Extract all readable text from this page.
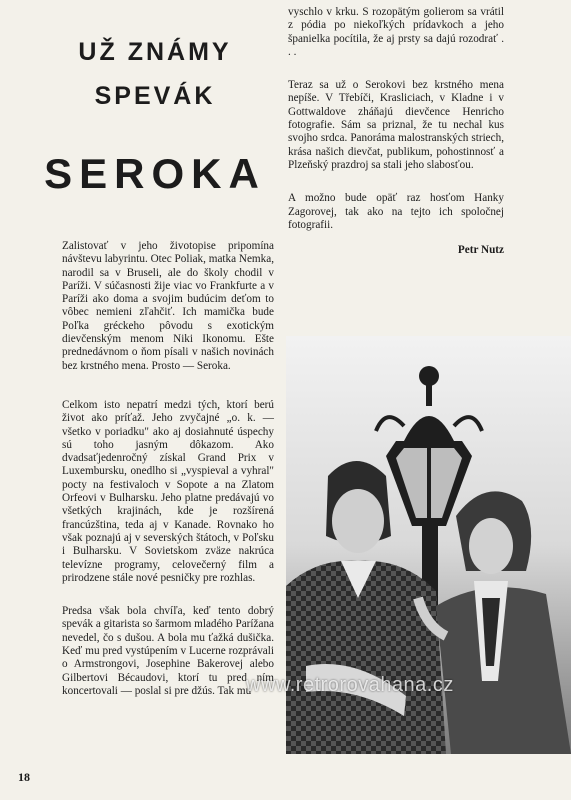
UŽ ZNÁMY
SPEVÁK
SEROKA

Zalistovať v jeho životopise pripomína návštevu labyrintu. Otec Poliak, matka Nemka, narodil sa v Bruseli, ale do školy chodil v Paríži. V súčasnosti žije viac vo Frankfurte a v Paríži ako doma a svojim budúcim deťom to vôbec nemieni zľahčiť. Ich mamička bude Poľka gréckeho pôvodu s exotickým dievčenským menom Niki Ikonomu. Ešte prednedávnom o ňom písali v našich novinách bez krstného mena. Prosto — Seroka.

Celkom isto nepatrí medzi tých, ktorí berú život ako príťaž. Jeho zvyčajné „o. k. — všetko v poriadku" ako aj dosiahnuté úspechy sú toho jasným dôkazom. Ako dvadsaťjedenročný získal Grand Prix v Luxembursku, onedlho si „vyspieval a vyhral" pocty na festivaloch v Sopote a na Zlatom Orfeovi v Bulharsku. Jeho platne predávajú vo všetkých krajinách, kde je rozšírená francúzština, teda aj v Kanade. Rovnako ho však poznajú aj v severských štátoch, v Poľsku i Bulharsku. V Sovietskom zväze nakrúca televízne programy, celovečerný film a prirodzene stále nové pesničky pre rozhlas.

Predsa však bola chvíľa, keď tento dobrý spevák a gitarista so šarmom mladého Parížana nevedel, čo s dušou. A bola mu ťažká dušička. Keď mu pred vystúpením v Lucerne rozprávali o Armstrongovi, Josephine Bakerovej alebo Gilbertovi Bécaudovi, ktorí tu pred ním koncertovali — poslal si pre džús. Tak mu

vyschlo v krku. S rozopätým golierom sa vrátil z pódia po niekoľkých prídavkoch a jeho španielka pocítila, že aj prsty sa dajú rozodrať . . .

Teraz sa už o Serokovi bez krstného mena nepíše. V Třebíči, Krasliciach, v Kladne i v Gottwaldove zháňajú dievčence Henricho fotografie. Sám sa priznal, že tu nechal kus svojho srdca. Panoráma malostranských striech, krása našich dievčat, publikum, pohostinnosť a Plzeňský prazdroj sa stali jeho slabosťou.

A možno bude opäť raz hosťom Hanky Zagorovej, tak ako na tejto ich spoločnej fotografii.

Petr Nutz
www.retrorovahana.cz
18
